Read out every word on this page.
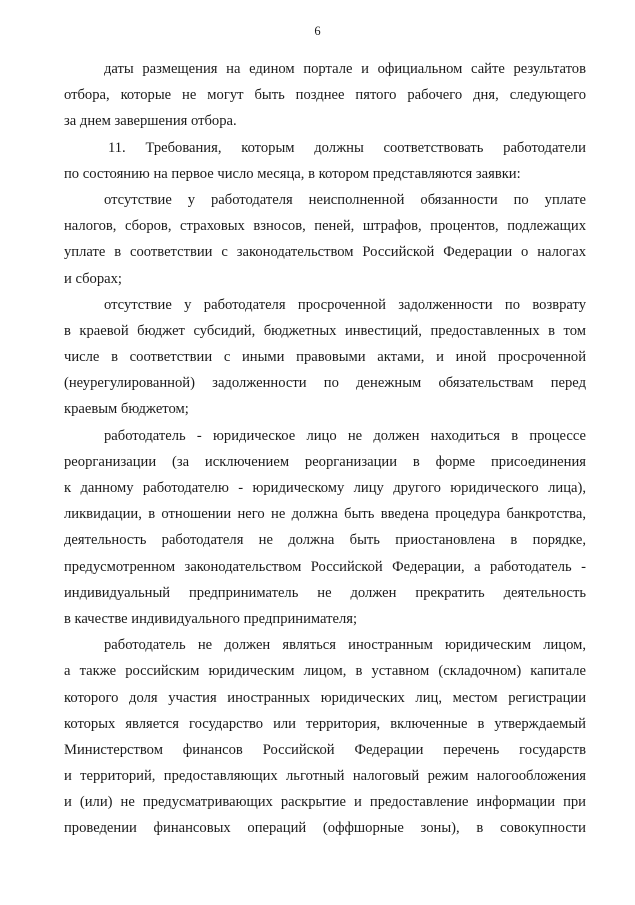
6
даты размещения на едином портале и официальном сайте результатов
отбора, которые не могут быть позднее пятого рабочего дня, следующего
за днем завершения отбора.
11. Требования, которым должны соответствовать работодатели
по состоянию на первое число месяца, в котором представляются заявки:
отсутствие у работодателя неисполненной обязанности по уплате
налогов, сборов, страховых взносов, пеней, штрафов, процентов, подлежащих
уплате в соответствии с законодательством Российской Федерации о налогах
и сборах;
отсутствие у работодателя просроченной задолженности по возврату
в краевой бюджет субсидий, бюджетных инвестиций, предоставленных в том
числе в соответствии с иными правовыми актами, и иной просроченной
(неурегулированной) задолженности по денежным обязательствам перед
краевым бюджетом;
работодатель - юридическое лицо не должен находиться в процессе
реорганизации (за исключением реорганизации в форме присоединения
к данному работодателю - юридическому лицу другого юридического лица),
ликвидации, в отношении него не должна быть введена процедура банкротства,
деятельность работодателя не должна быть приостановлена в порядке,
предусмотренном законодательством Российской Федерации, а работодатель -
индивидуальный предприниматель не должен прекратить деятельность
в качестве индивидуального предпринимателя;
работодатель не должен являться иностранным юридическим лицом,
а также российским юридическим лицом, в уставном (складочном) капитале
которого доля участия иностранных юридических лиц, местом регистрации
которых является государство или территория, включенные в утверждаемый
Министерством финансов Российской Федерации перечень государств
и территорий, предоставляющих льготный налоговый режим налогообложения
и (или) не предусматривающих раскрытие и предоставление информации при
проведении финансовых операций (оффшорные зоны), в совокупности
